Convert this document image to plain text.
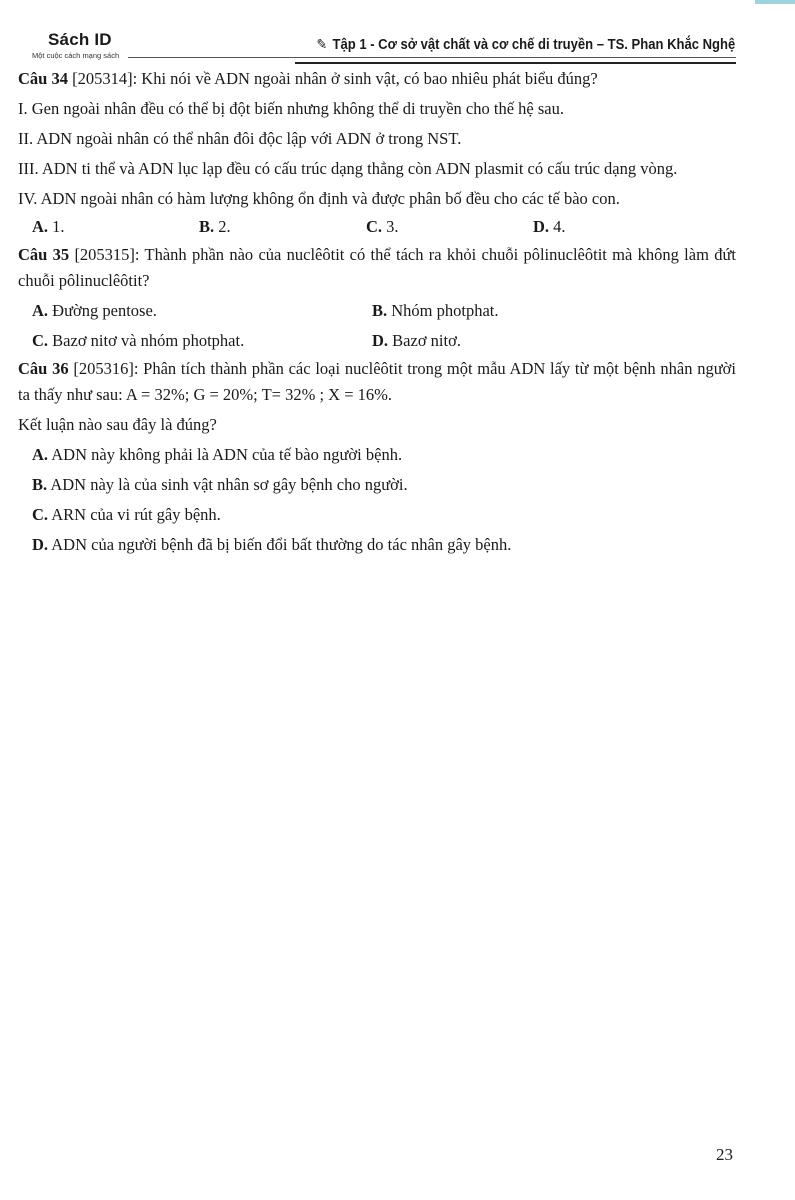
Sách ID
Một cuộc cách mạng sách
✎ Tập 1 - Cơ sở vật chất và cơ chế di truyền – TS. Phan Khắc Nghệ

Câu 34 [205314]: Khi nói về ADN ngoài nhân ở sinh vật, có bao nhiêu phát biểu đúng?

I. Gen ngoài nhân đều có thể bị đột biến nhưng không thể di truyền cho thế hệ sau.

II. ADN ngoài nhân có thể nhân đôi độc lập với ADN ở trong NST.

III. ADN ti thể và ADN lục lạp đều có cấu trúc dạng thẳng còn ADN plasmit có cấu trúc dạng vòng.

IV. ADN ngoài nhân có hàm lượng không ổn định và được phân bố đều cho các tế bào con.

A. 1.	B. 2.	C. 3.	D. 4.

Câu 35 [205315]: Thành phần nào của nuclêôtit có thể tách ra khỏi chuỗi pôlinuclêôtit mà không làm đứt chuỗi pôlinuclêôtit?

A. Đường pentose.	B. Nhóm photphat.
C. Bazơ nitơ và nhóm photphat.	D. Bazơ nitơ.

Câu 36 [205316]: Phân tích thành phần các loại nuclêôtit trong một mẫu ADN lấy từ một bệnh nhân người ta thấy như sau: A = 32%; G = 20%; T= 32% ; X = 16%.

Kết luận nào sau đây là đúng?

A. ADN này không phải là ADN của tế bào người bệnh.
B. ADN này là của sinh vật nhân sơ gây bệnh cho người.
C. ARN của vi rút gây bệnh.
D. ADN của người bệnh đã bị biến đổi bất thường do tác nhân gây bệnh.
23
